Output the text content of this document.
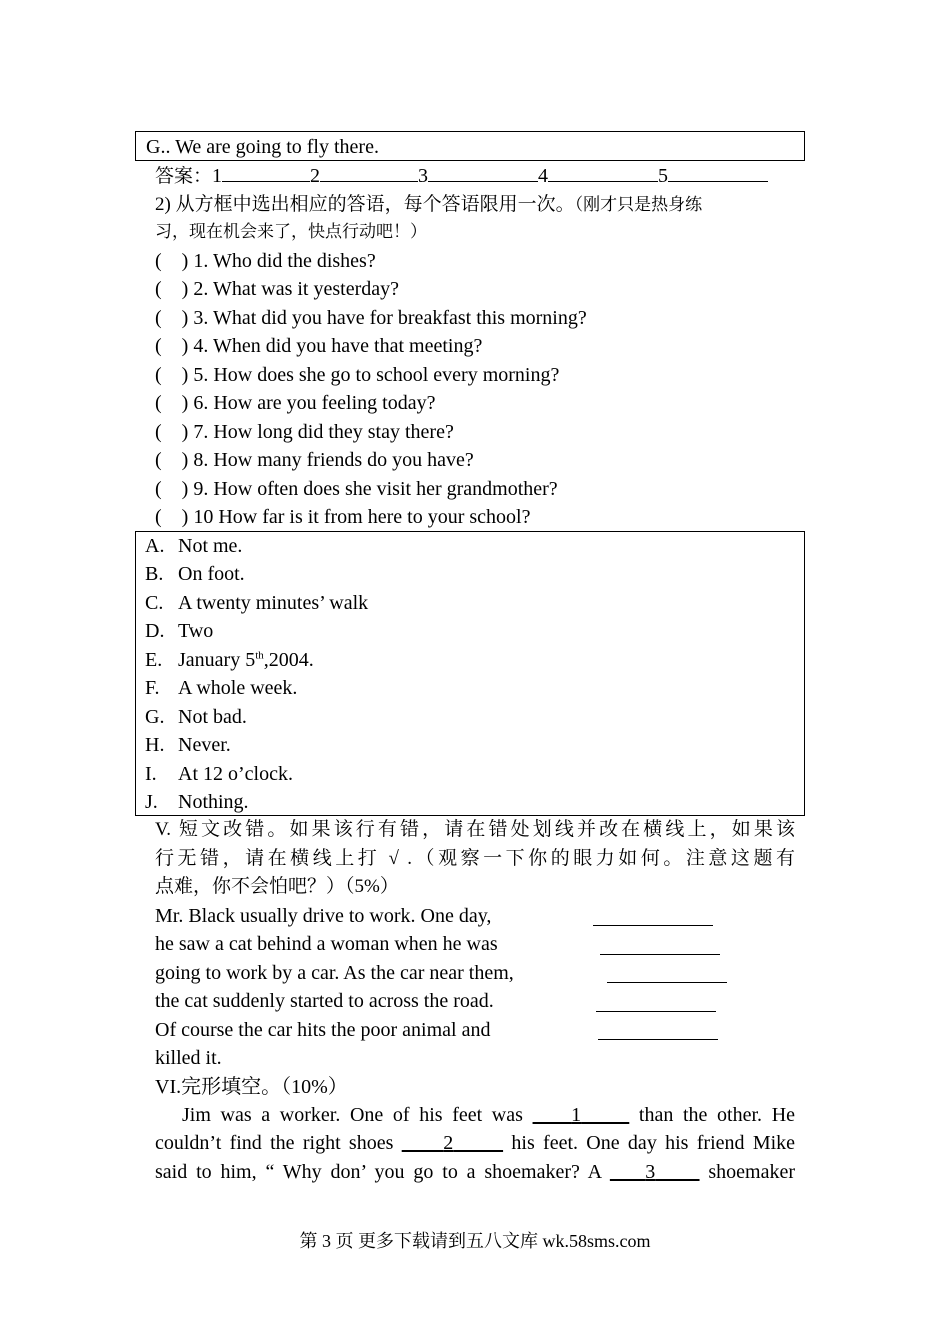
G.. We are going to fly there.
答案：1	2	3	4	5
2) 从方框中选出相应的答语，每个答语限用一次。（刚才只是热身练
习，现在机会来了，快点行动吧！）
(    ) 1. Who did the dishes?
(    ) 2. What was it yesterday?
(    ) 3. What did you have for breakfast this morning?
(    ) 4. When did you have that meeting?
(    ) 5. How does she go to school every morning?
(    ) 6. How are you feeling today?
(    ) 7. How long did they stay there?
(    ) 8. How many friends do you have?
(    ) 9. How often does she visit her grandmother?
(    ) 10 How far is it from here to your school?
A. Not me.
B. On foot.
C. A twenty minutes’ walk
D. Two
E. January 5th,2004.
F. A whole week.
G. Not bad.
H. Never.
I. At 12 o’clock.
J. Nothing.
V. 短文改错。如果该行有错，请在错处划线并改在横线上，如果该
行无错，请在横线上打 √ .（观察一下你的眼力如何。注意这题有
点难，你不会怕吧？）（5%）
Mr. Black usually drive to work. One day,
he saw a cat behind a woman when he was
going to work by a car. As the car near them,
the cat suddenly started to across the road.
Of course the car hits the poor animal and
killed it.
VI.完形填空。（10%）
Jim was a worker. One of his feet was 1	than the other. He
couldn’t find the right shoes 2	his feet. One day his friend Mike
said to him, “ Why don’ you go to a shoemaker? A 3	shoemaker
第 3 页 更多下载请到五八文库 wk.58sms.com
